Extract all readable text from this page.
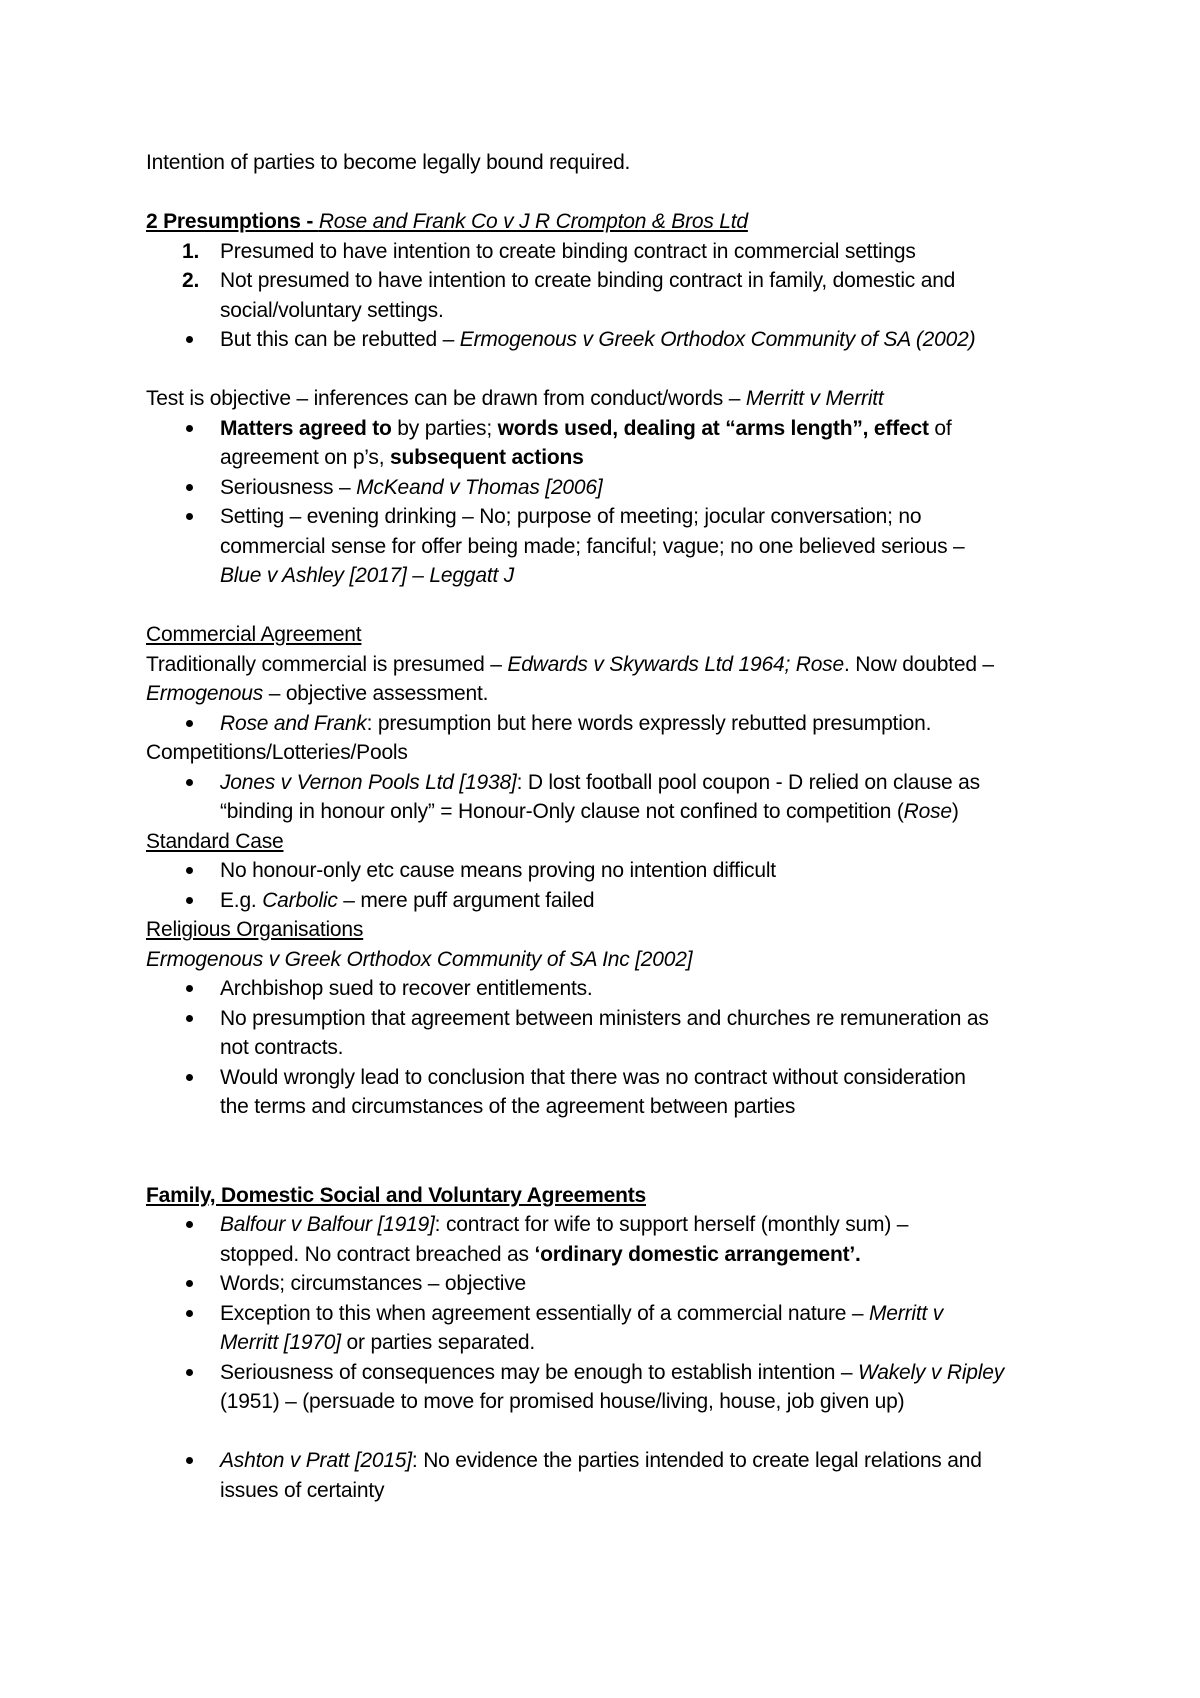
Intention of parties to become legally bound required.

2 Presumptions - Rose and Frank Co v J R Crompton & Bros Ltd

1. Presumed to have intention to create binding contract in commercial settings
2. Not presumed to have intention to create binding contract in family, domestic and
social/voluntary settings.
But this can be rebutted – Ermogenous v Greek Orthodox Community of SA (2002)

Test is objective – inferences can be drawn from conduct/words – Merritt v Merritt

Matters agreed to by parties; words used, dealing at “arms length”, effect of
agreement on p’s, subsequent actions
Seriousness – McKeand v Thomas [2006]
Setting – evening drinking – No; purpose of meeting; jocular conversation; no
commercial sense for offer being made; fanciful; vague; no one believed serious –
Blue v Ashley [2017] – Leggatt J

Commercial Agreement

Traditionally commercial is presumed – Edwards v Skywards Ltd 1964; Rose. Now doubted –

Ermogenous – objective assessment.

Rose and Frank: presumption but here words expressly rebutted presumption.

Competitions/Lotteries/Pools

Jones v Vernon Pools Ltd [1938]: D lost football pool coupon - D relied on clause as
“binding in honour only” = Honour-Only clause not confined to competition (Rose)

Standard Case

No honour-only etc cause means proving no intention difficult
E.g. Carbolic – mere puff argument failed

Religious Organisations

Ermogenous v Greek Orthodox Community of SA Inc [2002]

Archbishop sued to recover entitlements.
No presumption that agreement between ministers and churches re remuneration as
not contracts.
Would wrongly lead to conclusion that there was no contract without consideration
the terms and circumstances of the agreement between parties

Family, Domestic Social and Voluntary Agreements

Balfour v Balfour [1919]: contract for wife to support herself (monthly sum) –
stopped. No contract breached as ‘ordinary domestic arrangement’.
Words; circumstances – objective
Exception to this when agreement essentially of a commercial nature – Merritt v
Merritt [1970] or parties separated.
Seriousness of consequences may be enough to establish intention – Wakely v Ripley
(1951) – (persuade to move for promised house/living, house, job given up)
Ashton v Pratt [2015]: No evidence the parties intended to create legal relations and
issues of certainty
